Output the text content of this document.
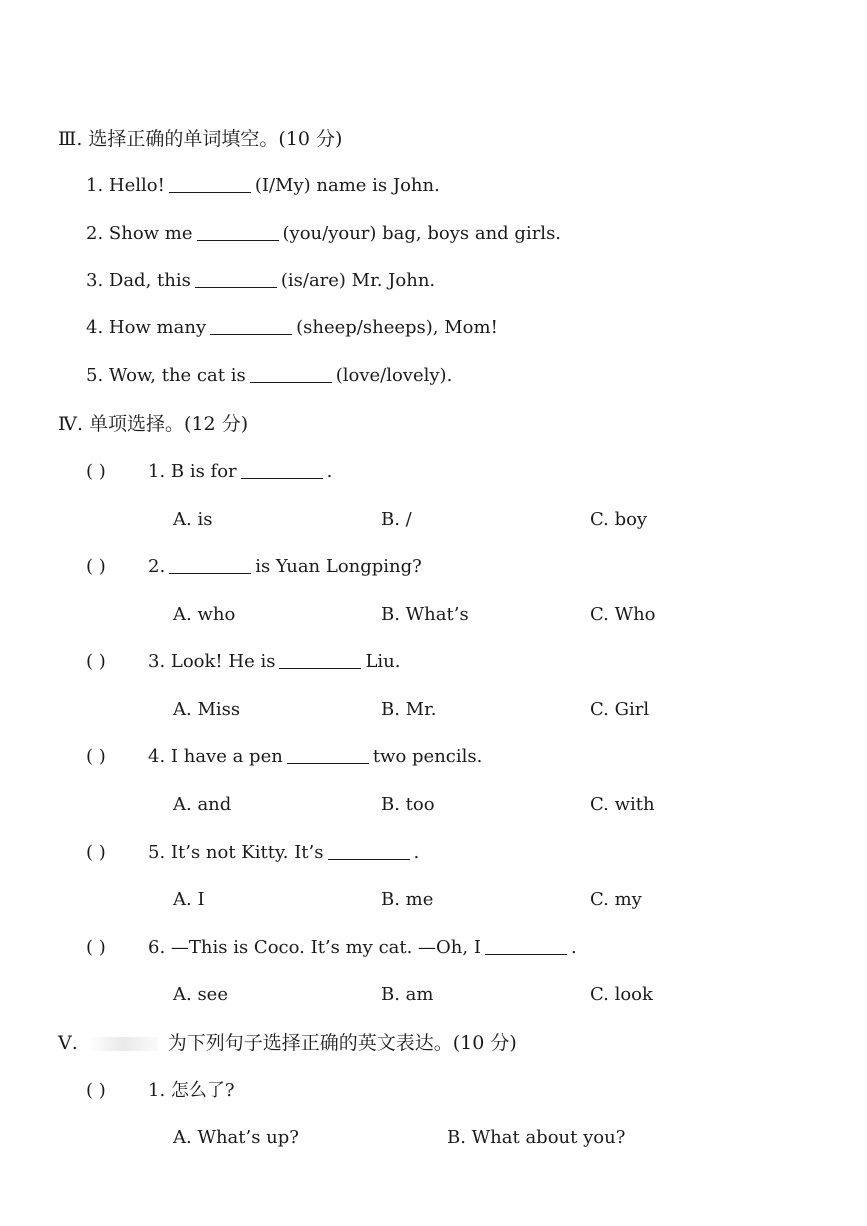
Ⅲ. 选择正确的单词填空。(10 分)
1. Hello!	(I/My) name is John.
2. Show me	(you/your) bag, boys and girls.
3. Dad, this	(is/are) Mr. John.
4. How many	(sheep/sheeps), Mom!
5. Wow, the cat is	(love/lovely).
Ⅳ. 单项选择。(12 分)
( ) 1. B is for	.
A. is	B. /	C. boy
( ) 2.	is Yuan Longping?
A. who	B. What’s	C. Who
( ) 3. Look! He is	Liu.
A. Miss	B. Mr.	C. Girl
( ) 4. I have a pen	two pencils.
A. and	B. too	C. with
( ) 5. It’s not Kitty. It’s	.
A. I	B. me	C. my
( ) 6. —This is Coco. It’s my cat. —Oh, I	.
A. see	B. am	C. look
Ⅴ.	为下列句子选择正确的英文表达。(10 分)
( ) 1. 怎么了?
A. What’s up?	B. What about you?
